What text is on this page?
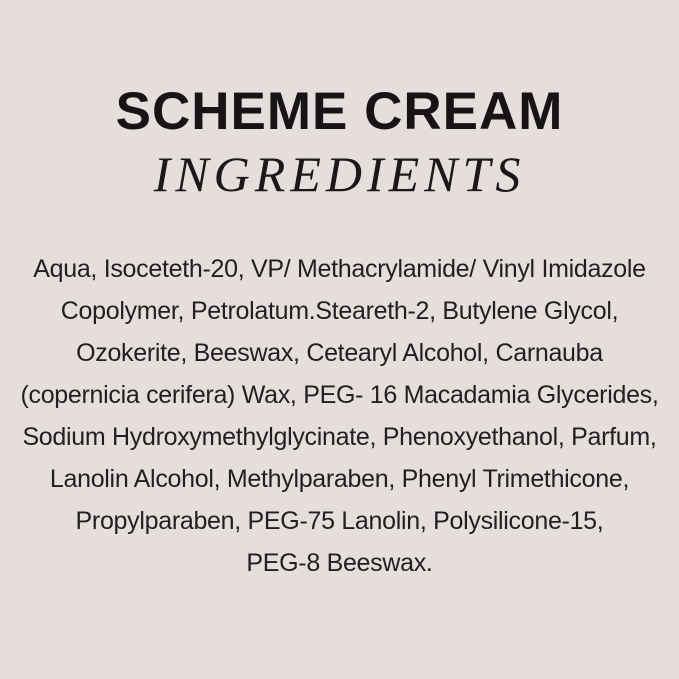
SCHEME CREAM
INGREDIENTS
Aqua, Isoceteth-20, VP/ Methacrylamide/ Vinyl Imidazole
Copolymer, Petrolatum.Steareth-2, Butylene Glycol,
Ozokerite, Beeswax, Cetearyl Alcohol, Carnauba
(copernicia cerifera) Wax, PEG- 16 Macadamia Glycerides,
Sodium Hydroxymethylglycinate, Phenoxyethanol, Parfum,
Lanolin Alcohol, Methylparaben, Phenyl Trimethicone,
Propylparaben, PEG-75 Lanolin, Polysilicone-15,
PEG-8 Beeswax.
